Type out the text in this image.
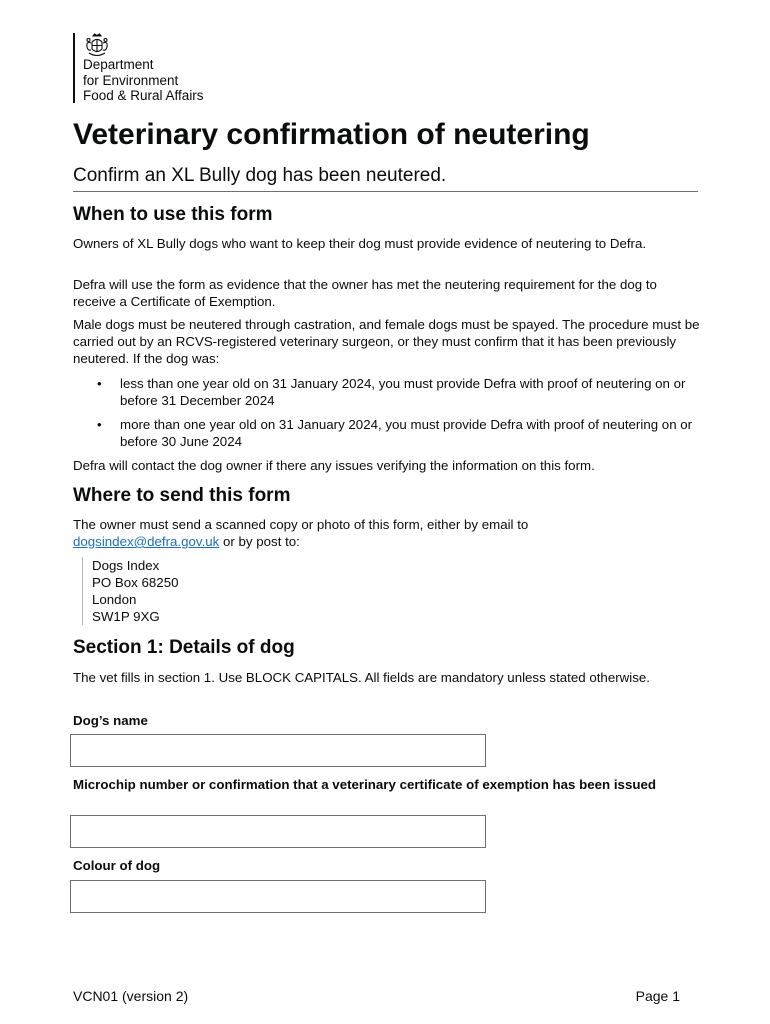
Department
for Environment
Food & Rural Affairs
Veterinary confirmation of neutering
Confirm an XL Bully dog has been neutered.
When to use this form
Owners of XL Bully dogs who want to keep their dog must provide evidence of neutering to Defra.
Defra will use the form as evidence that the owner has met the neutering requirement for the dog to receive a Certificate of Exemption.
Male dogs must be neutered through castration, and female dogs must be spayed. The procedure must be carried out by an RCVS-registered veterinary surgeon, or they must confirm that it has been previously neutered. If the dog was:
• less than one year old on 31 January 2024, you must provide Defra with proof of neutering on or before 31 December 2024
• more than one year old on 31 January 2024, you must provide Defra with proof of neutering on or before 30 June 2024
Defra will contact the dog owner if there any issues verifying the information on this form.
Where to send this form
The owner must send a scanned copy or photo of this form, either by email to
dogsindex@defra.gov.uk or by post to:
Dogs Index
PO Box 68250
London
SW1P 9XG
Section 1: Details of dog
The vet fills in section 1. Use BLOCK CAPITALS. All fields are mandatory unless stated otherwise.
Dog’s name
Microchip number or confirmation that a veterinary certificate of exemption has been issued
Colour of dog
VCN01 (version 2)	Page 1
